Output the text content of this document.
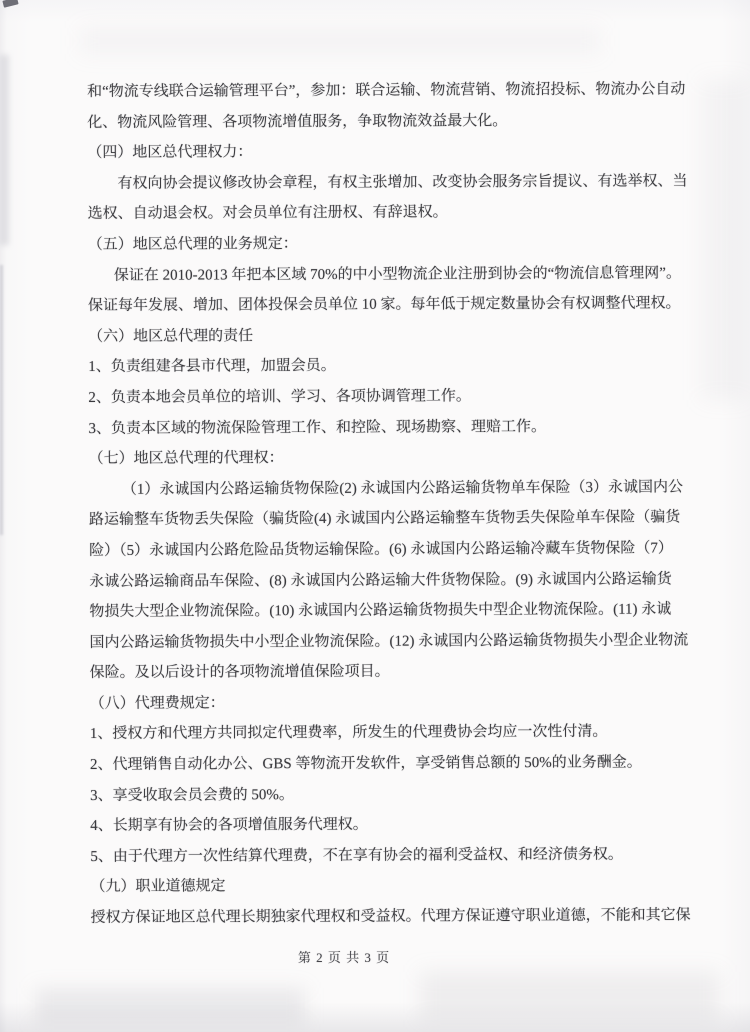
和“物流专线联合运输管理平台”，参加：联合运输、物流营销、物流招投标、物流办公自动
化、物流风险管理、各项物流增值服务，争取物流效益最大化。
（四）地区总代理权力：
有权向协会提议修改协会章程，有权主张增加、改变协会服务宗旨提议、有选举权、当
选权、自动退会权。对会员单位有注册权、有辞退权。
（五）地区总代理的业务规定：
保证在 2010-2013 年把本区域 70%的中小型物流企业注册到协会的“物流信息管理网”。
保证每年发展、增加、团体投保会员单位 10 家。每年低于规定数量协会有权调整代理权。
（六）地区总代理的责任
1、负责组建各县市代理，加盟会员。
2、负责本地会员单位的培训、学习、各项协调管理工作。
3、负责本区域的物流保险管理工作、和控险、现场勘察、理赔工作。
（七）地区总代理的代理权：
（1）永诚国内公路运输货物保险(2) 永诚国内公路运输货物单车保险（3）永诚国内公
路运输整车货物丢失保险（骗货险(4) 永诚国内公路运输整车货物丢失保险单车保险（骗货
险）（5）永诚国内公路危险品货物运输保险。(6) 永诚国内公路运输冷藏车货物保险（7）
永诚公路运输商品车保险、(8) 永诚国内公路运输大件货物保险。(9) 永诚国内公路运输货
物损失大型企业物流保险。(10) 永诚国内公路运输货物损失中型企业物流保险。(11) 永诚
国内公路运输货物损失中小型企业物流保险。(12) 永诚国内公路运输货物损失小型企业物流
保险。及以后设计的各项物流增值保险项目。
（八）代理费规定：
1、授权方和代理方共同拟定代理费率，所发生的代理费协会均应一次性付清。
2、代理销售自动化办公、GBS 等物流开发软件，享受销售总额的 50%的业务酬金。
3、享受收取会员会费的 50%。
4、长期享有协会的各项增值服务代理权。
5、由于代理方一次性结算代理费，不在享有协会的福利受益权、和经济债务权。
（九）职业道德规定
授权方保证地区总代理长期独家代理权和受益权。代理方保证遵守职业道德，不能和其它保
第 2 页 共 3 页
